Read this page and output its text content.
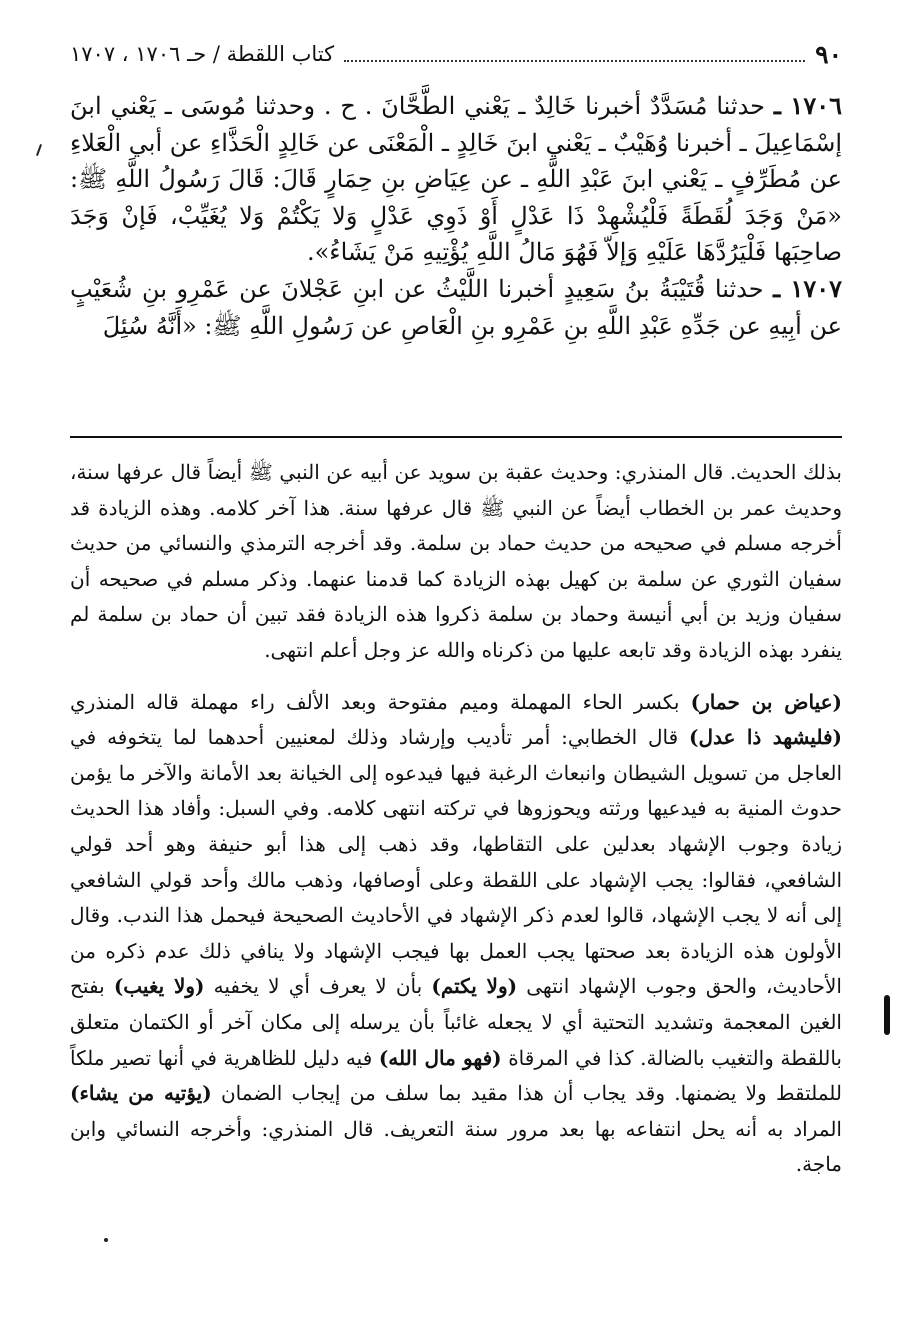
٩٠
كتاب اللقطة / حـ ١٧٠٦ ، ١٧٠٧

١٧٠٦ ـ حدثنا مُسَدَّدٌ أخبرنا خَالِدٌ ـ يَعْني الطَّحَّانَ . ح . وحدثنا مُوسَى ـ يَعْني ابنَ إسْمَاعِيلَ ـ أخبرنا وُهَيْبٌ ـ يَعْني ابنَ خَالِدٍ ـ الْمَعْنَى عن خَالِدٍ الْحَذَّاءِ عن أبي الْعَلاءِ عن مُطَرِّفٍ ـ يَعْني ابنَ عَبْدِ اللَّهِ ـ عن عِيَاضِ بنِ حِمَارٍ قَالَ: قَالَ رَسُولُ اللَّهِ ﷺ: «مَنْ وَجَدَ لُقَطَةً فَلْيُشْهِدْ ذَا عَدْلٍ أَوْ ذَوِي عَدْلٍ وَلا يَكْتُمْ وَلا يُغَيِّبْ، فَإنْ وَجَدَ صاحِبَها فَلْيَرُدَّهَا عَلَيْهِ وَإلاّ فَهُوَ مَالُ اللَّهِ يُؤْتِيهِ مَنْ يَشَاءُ».

١٧٠٧ ـ حدثنا قُتَيْبَةُ بنُ سَعِيدٍ أخبرنا اللَّيْثُ عن ابنِ عَجْلانَ عن عَمْرِو بنِ شُعَيْبٍ عن أبِيهِ عن جَدِّهِ عَبْدِ اللَّهِ بنِ عَمْرِو بنِ الْعَاصِ عن رَسُولِ اللَّهِ ﷺ: «أَنَّهُ سُئِلَ

بذلك الحديث. قال المنذري: وحديث عقبة بن سويد عن أبيه عن النبي ﷺ أيضاً قال عرفها سنة، وحديث عمر بن الخطاب أيضاً عن النبي ﷺ قال عرفها سنة. هذا آخر كلامه. وهذه الزيادة قد أخرجه مسلم في صحيحه من حديث حماد بن سلمة. وقد أخرجه الترمذي والنسائي من حديث سفيان الثوري عن سلمة بن كهيل بهذه الزيادة كما قدمنا عنهما. وذكر مسلم في صحيحه أن سفيان وزيد بن أبي أنيسة وحماد بن سلمة ذكروا هذه الزيادة فقد تبين أن حماد بن سلمة لم ينفرد بهذه الزيادة وقد تابعه عليها من ذكرناه والله عز وجل أعلم انتهى.

(عياض بن حمار) بكسر الحاء المهملة وميم مفتوحة وبعد الألف راء مهملة قاله المنذري (فليشهد ذا عدل) قال الخطابي: أمر تأديب وإرشاد وذلك لمعنيين أحدهما لما يتخوفه في العاجل من تسويل الشيطان وانبعاث الرغبة فيها فيدعوه إلى الخيانة بعد الأمانة والآخر ما يؤمن حدوث المنية به فيدعيها ورثته ويحوزوها في تركته انتهى كلامه. وفي السبل: وأفاد هذا الحديث زيادة وجوب الإشهاد بعدلين على التقاطها، وقد ذهب إلى هذا أبو حنيفة وهو أحد قولي الشافعي، فقالوا: يجب الإشهاد على اللقطة وعلى أوصافها، وذهب مالك وأحد قولي الشافعي إلى أنه لا يجب الإشهاد، قالوا لعدم ذكر الإشهاد في الأحاديث الصحيحة فيحمل هذا الندب. وقال الأولون هذه الزيادة بعد صحتها يجب العمل بها فيجب الإشهاد ولا ينافي ذلك عدم ذكره من الأحاديث، والحق وجوب الإشهاد انتهى (ولا يكتم) بأن لا يعرف أي لا يخفيه (ولا يغيب) بفتح الغين المعجمة وتشديد التحتية أي لا يجعله غائباً بأن يرسله إلى مكان آخر أو الكتمان متعلق باللقطة والتغيب بالضالة. كذا في المرقاة (فهو مال الله) فيه دليل للظاهرية في أنها تصير ملكاً للملتقط ولا يضمنها. وقد يجاب أن هذا مقيد بما سلف من إيجاب الضمان (يؤتيه من يشاء) المراد به أنه يحل انتفاعه بها بعد مرور سنة التعريف. قال المنذري: وأخرجه النسائي وابن ماجة.
